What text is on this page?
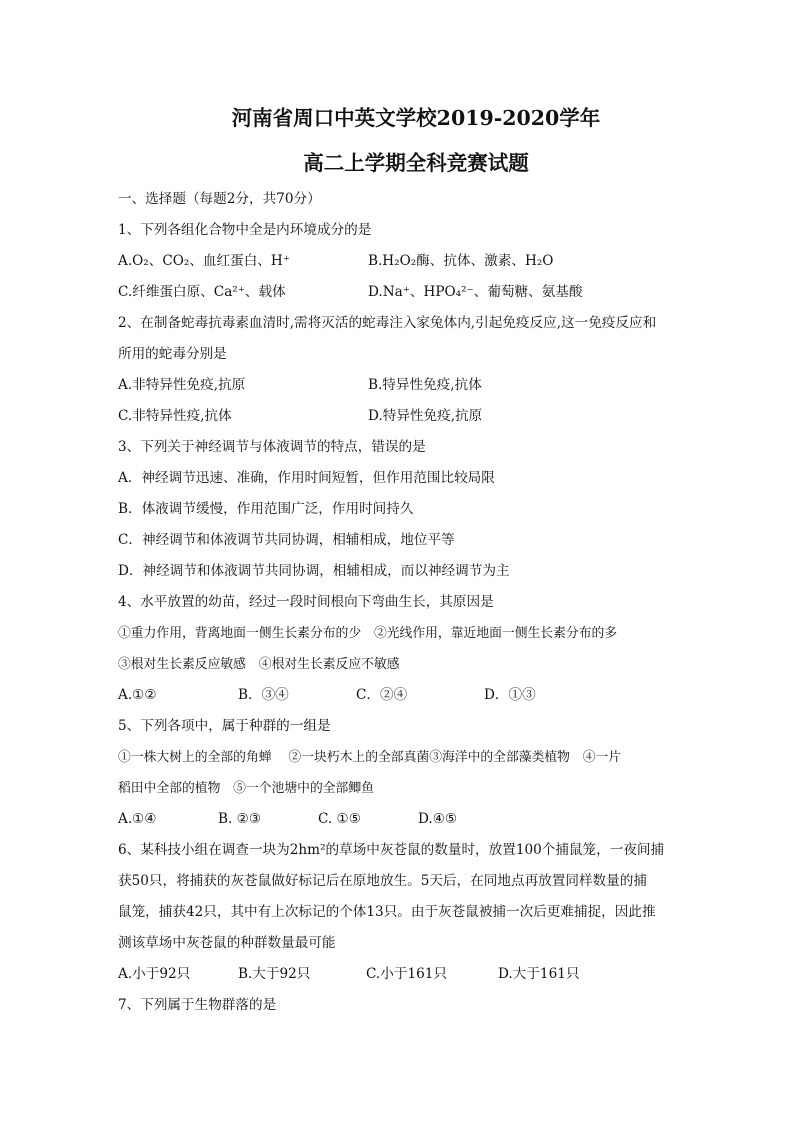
河南省周口中英文学校2019-2020学年

高二上学期全科竞赛试题

一、选择题（每题2分，共70分）

1、下列各组化合物中全是内环境成分的是

A.O₂、CO₂、血红蛋白、H⁺	B.H₂O₂酶、抗体、激素、H₂O
C.纤维蛋白原、Ca²⁺、载体	D.Na⁺、HPO₄²⁻、葡萄糖、氨基酸

2、在制备蛇毒抗毒素血清时,需将灭活的蛇毒注入家兔体内,引起免疫反应,这一免疫反应和

所用的蛇毒分别是

A.非特异性免疫,抗原	B.特异性免疫,抗体
C.非特异性疫,抗体	D.特异性免疫,抗原

3、下列关于神经调节与体液调节的特点，错误的是

A．神经调节迅速、准确，作用时间短暂，但作用范围比较局限

B．体液调节缓慢，作用范围广泛，作用时间持久

C．神经调节和体液调节共同协调，相辅相成，地位平等

D．神经调节和体液调节共同协调，相辅相成，而以神经调节为主

4、水平放置的幼苗，经过一段时间根向下弯曲生长，其原因是

①重力作用，背离地面一侧生长素分布的少　②光线作用，靠近地面一侧生长素分布的多

③根对生长素反应敏感　④根对生长素反应不敏感

A.①②	B．③④	C．②④	D．①③

5、下列各项中，属于种群的一组是

①一株大树上的全部的角蝉　 ②一块朽木上的全部真菌③海洋中的全部藻类植物　④一片

稻田中全部的植物　⑤一个池塘中的全部鲫鱼

A.①④	B. ②③	C. ①⑤	D.④⑤

6、某科技小组在调查一块为2hm²的草场中灰苍鼠的数量时，放置100个捕鼠笼，一夜间捕

获50只，将捕获的灰苍鼠做好标记后在原地放生。5天后，在同地点再放置同样数量的捕

鼠笼，捕获42只，其中有上次标记的个体13只。由于灰苍鼠被捕一次后更难捕捉，因此推

测该草场中灰苍鼠的种群数量最可能

A.小于92只	B.大于92只	C.小于161只	D.大于161只

7、下列属于生物群落的是
